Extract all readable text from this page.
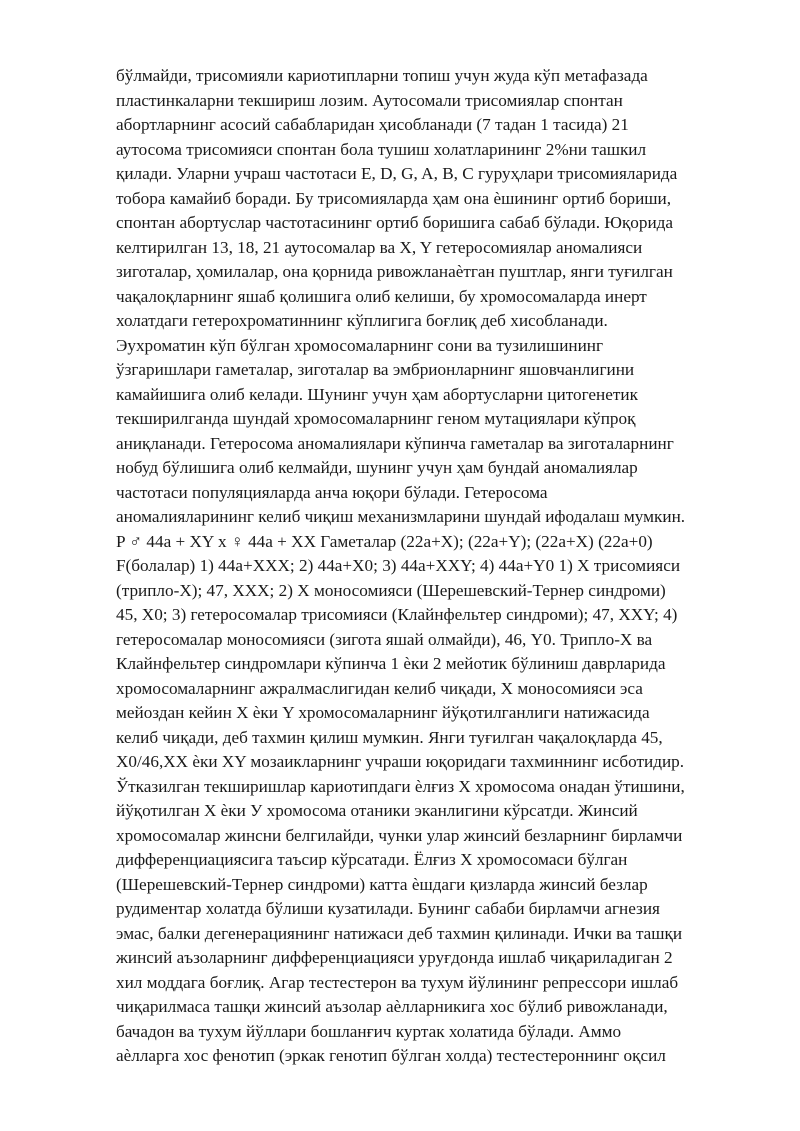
бўлмайди, трисомияли кариотипларни топиш учун жуда кўп метафазада
пластинкаларни текшириш лозим. Аутосомали трисомиялар спонтан
абортларнинг асосий сабабларидан ҳисобланади (7 тадан 1 тасида) 21
аутосома трисомияси спонтан бола тушиш холатларининг 2%ни ташкил
қилади. Уларни учраш частотаси E, D, G, A, B, C гуруҳлари трисомияларида
тобора камайиб боради. Бу трисомияларда ҳам она ѐшининг ортиб бориши,
спонтан абортуслар частотасининг ортиб боришига сабаб бўлади. Юқорида
келтирилган 13, 18, 21 аутосомалар ва X, Y гетеросомиялар аномалияси
зиготалар, ҳомилалар, она қорнида ривожланаѐтган пуштлар, янги туғилган
чақалоқларнинг яшаб қолишига олиб келиши, бу хромосомаларда инерт
холатдаги гетерохроматиннинг кўплигига боғлиқ деб хисобланади.
Эухроматин кўп бўлган хромосомаларнинг сони ва тузилишининг
ўзгаришлари гаметалар, зиготалар ва эмбрионларнинг яшовчанлигини
камайишига олиб келади. Шунинг учун ҳам абортусларни цитогенетик
текширилганда шундай хромосомаларнинг геном мутациялари кўпроқ
аниқланади. Гетеросома аномалиялари кўпинча гаметалар ва зиготаларнинг
нобуд бўлишига олиб келмайди, шунинг учун ҳам бундай аномалиялар
частотаси популяцияларда анча юқори бўлади. Гетеросома
аномалияларининг келиб чиқиш механизмларини шундай ифодалаш мумкин.
P ♂ 44a + XY x ♀ 44a + XX Гаметалар (22a+X); (22a+Y); (22a+X) (22a+0)
F(болалар) 1) 44a+XXX; 2) 44a+X0; 3) 44a+XXY; 4) 44a+Y0 1) X трисомияси
(трипло-Х); 47, XXX; 2) X моносомияси (Шерешевский-Тернер синдроми)
45, X0; 3) гетеросомалар трисомияси (Клайнфельтер синдроми); 47, XXY; 4)
гетеросомалар моносомияси (зигота яшай олмайди), 46, Y0. Трипло-Х ва
Клайнфельтер синдромлари кўпинча 1 ѐки 2 мейотик бўлиниш даврларида
хромосомаларнинг ажралмаслигидан келиб чиқади, X моносомияси эса
мейоздан кейин X ѐки Y хромосомаларнинг йўқотилганлиги натижасида
келиб чиқади, деб тахмин қилиш мумкин. Янги туғилган чақалоқларда 45,
X0/46,XX ѐки XY мозаикларнинг учраши юқоридаги тахминнинг исботидир.
Ўтказилган текширишлар кариотипдаги ѐлғиз X хромосома онадан ўтишини,
йўқотилган X ѐки У хромосома отаники эканлигини кўрсатди. Жинсий
хромосомалар жинсни белгилайди, чунки улар жинсий безларнинг бирламчи
дифференциациясига таъсир кўрсатади. Ёлғиз X хромосомаси бўлган
(Шерешевский-Тернер синдроми) катта ѐшдаги қизларда жинсий безлар
рудиментар холатда бўлиши кузатилади. Бунинг сабаби бирламчи агнезия
эмас, балки дегенерациянинг натижаси деб тахмин қилинади. Ички ва ташқи
жинсий аъзоларнинг дифференциацияси уруғдонда ишлаб чиқариладиган 2
хил моддага боғлиқ. Агар тестестерон ва тухум йўлининг репрессори ишлаб
чиқарилмаса ташқи жинсий аъзолар аѐлларникига хос бўлиб ривожланади,
бачадон ва тухум йўллари бошланғич куртак холатида бўлади. Аммо
аѐлларга хос фенотип (эркак генотип бўлган холда) тестестероннинг оқсил
